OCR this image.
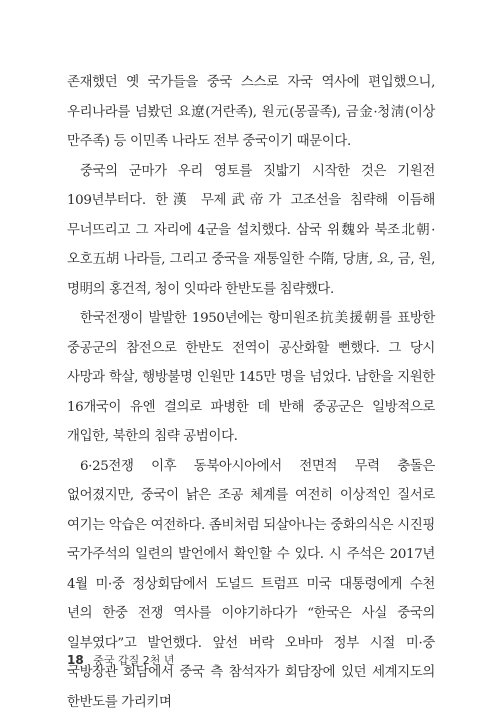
존재했던 옛 국가들을 중국 스스로 자국 역사에 편입했으니, 우리나라를 넘봤던 요遼(거란족), 원元(몽골족), 금金·청淸(이상 만주족) 등 이민족 나라도 전부 중국이기 때문이다.

중국의 군마가 우리 영토를 짓밟기 시작한 것은 기원전 109년부터다. 한漢 무제武帝가 고조선을 침략해 이듬해 무너뜨리고 그 자리에 4군을 설치했다. 삼국 위魏와 북조北朝·오호五胡 나라들, 그리고 중국을 재통일한 수隋, 당唐, 요, 금, 원, 명明의 홍건적, 청이 잇따라 한반도를 침략했다.

한국전쟁이 발발한 1950년에는 항미원조抗美援朝를 표방한 중공군의 참전으로 한반도 전역이 공산화할 뻔했다. 그 당시 사망과 학살, 행방불명 인원만 145만 명을 넘었다. 남한을 지원한 16개국이 유엔 결의로 파병한 데 반해 중공군은 일방적으로 개입한, 북한의 침략 공범이다.

6·25전쟁 이후 동북아시아에서 전면적 무력 충돌은 없어졌지만, 중국이 낡은 조공 체계를 여전히 이상적인 질서로 여기는 악습은 여전하다. 좀비처럼 되살아나는 중화의식은 시진핑 국가주석의 일련의 발언에서 확인할 수 있다. 시 주석은 2017년 4월 미·중 정상회담에서 도널드 트럼프 미국 대통령에게 수천 년의 한중 전쟁 역사를 이야기하다가 “한국은 사실 중국의 일부였다”고 발언했다. 앞선 버락 오바마 정부 시절 미·중 국방장관 회담에서 중국 측 참석자가 회담장에 있던 세계지도의 한반도를 가리키며

18 중국 갑질 2천 년
